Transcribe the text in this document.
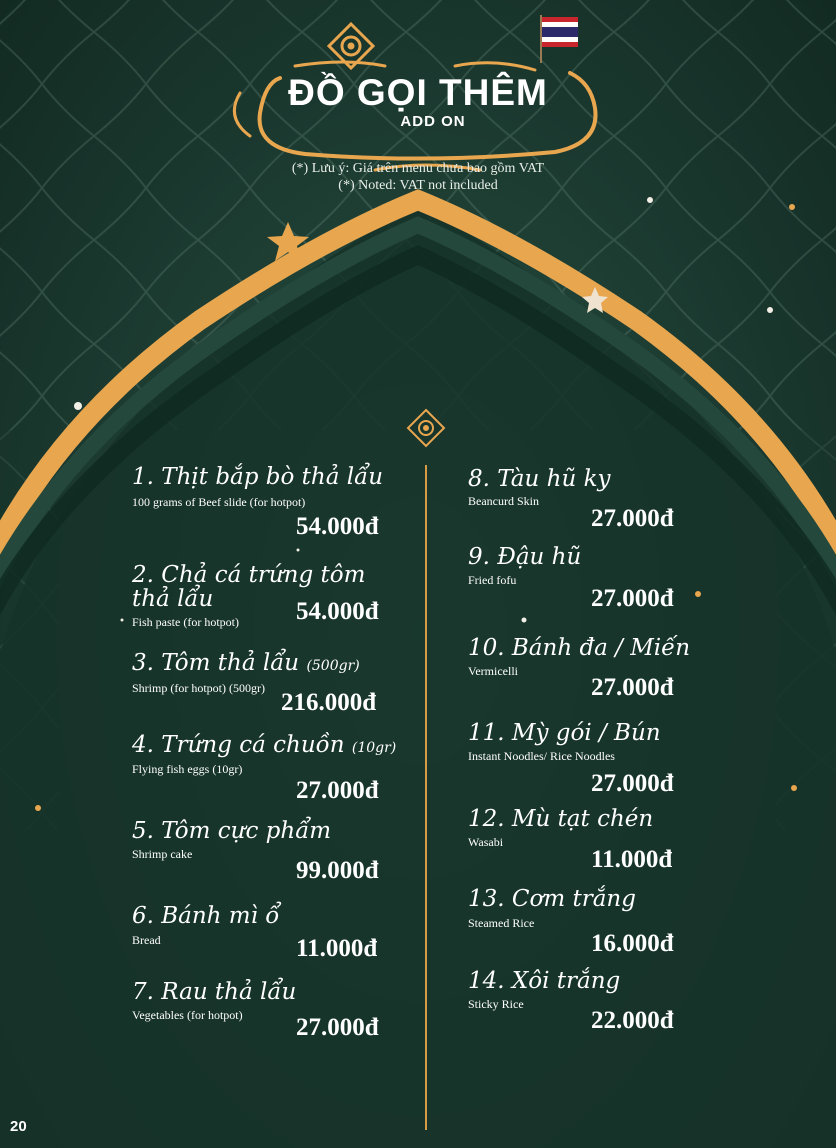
ĐỒ GỌI THÊM
ADD ON
(*) Lưu ý: Giá trên menu chưa bao gồm VAT
(*) Noted: VAT not included
1. Thịt bắp bò thả lẩu
100 grams of Beef slide (for hotpot)
54.000đ
2. Chả cá trứng tôm
thả lẩu
Fish paste (for hotpot) 54.000đ
3. Tôm thả lẩu (500gr)
Shrimp (for hotpot) (500gr)
216.000đ
4. Trứng cá chuồn (10gr)
Flying fish eggs (10gr)
27.000đ
5. Tôm cực phẩm
Shrimp cake
99.000đ
6. Bánh mì ổ
Bread	11.000đ
7. Rau thả lẩu
Vegetables (for hotpot) 27.000đ
8. Tàu hũ ky
Beancurd Skin
27.000đ
9. Đậu hũ
Fried fofu
27.000đ
10. Bánh đa / Miến
Vermicelli
27.000đ
11. Mỳ gói / Bún
Instant Noodles/ Rice Noodles
27.000đ
12. Mù tạt chén
Wasabi
11.000đ
13. Cơm trắng
Steamed Rice
16.000đ
14. Xôi trắng
Sticky Rice
22.000đ
20
